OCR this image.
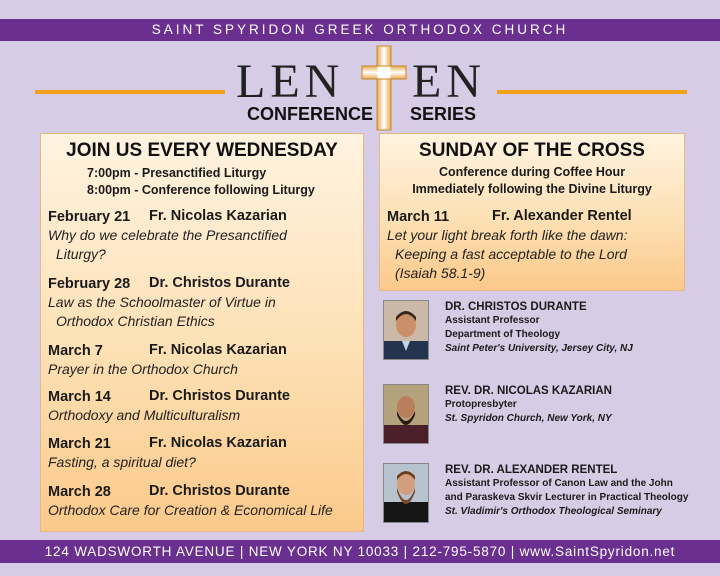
SAINT SPYRIDON GREEK ORTHODOX CHURCH
LEN EN
CONFERENCE SERIES
JOIN US EVERY WEDNESDAY
7:00pm - Presanctified Liturgy
8:00pm - Conference following Liturgy
February 21 Fr. Nicolas Kazarian
Why do we celebrate the Presanctified
Liturgy?
February 28 Dr. Christos Durante
Law as the Schoolmaster of Virtue in
Orthodox Christian Ethics
March 7	Fr. Nicolas Kazarian
Prayer in the Orthodox Church
March 14	Dr. Christos Durante
Orthodoxy and Multiculturalism
March 21	Fr. Nicolas Kazarian
Fasting, a spiritual diet?
March 28	Dr. Christos Durante
Orthodox Care for Creation & Economical Life
SUNDAY OF THE CROSS
Conference during Coffee Hour
Immediately following the Divine Liturgy
March 11	Fr. Alexander Rentel
Let your light break forth like the dawn:
Keeping a fast acceptable to the Lord
(Isaiah 58.1-9)
DR. CHRISTOS DURANTE
Assistant Professor
Department of Theology
Saint Peter's University, Jersey City, NJ
REV. DR. NICOLAS KAZARIAN
Protopresbyter
St. Spyridon Church, New York, NY
REV. DR. ALEXANDER RENTEL
Assistant Professor of Canon Law and the John
and Paraskeva Skvir Lecturer in Practical Theology
St. Vladimir's Orthodox Theological Seminary
124 WADSWORTH AVENUE | NEW YORK NY 10033 | 212-795-5870 | www.SaintSpyridon.net
